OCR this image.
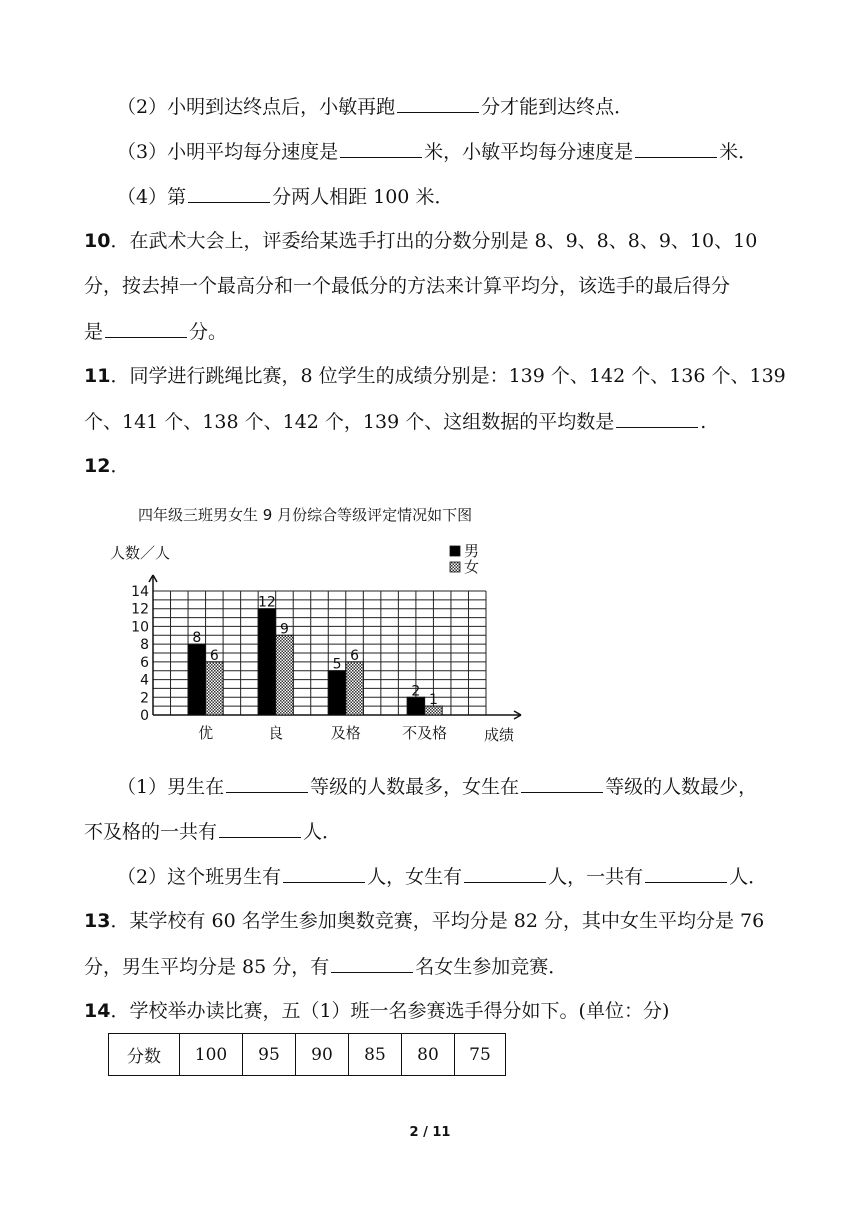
（2）小明到达终点后，小敏再跑	分才能到达终点．
（3）小明平均每分速度是	米，小敏平均每分速度是	米．
（4）第	分两人相距 100 米．
10．在武术大会上，评委给某选手打出的分数分别是 8、9、8、8、9、10、10
分，按去掉一个最高分和一个最低分的方法来计算平均分，该选手的最后得分
是	分。
11．同学进行跳绳比赛，8 位学生的成绩分别是：139 个、142 个、136 个、139
个、141 个、138 个、142 个，139 个、这组数据的平均数是	.
12．
四年级三班男女生 9 月份综合等级评定情况如下图
人数／人	男
女
8
6
12
9
5
6
2
1
0
2
4
6
8
10
12
14
优	良	及格	不及格 成绩
（1）男生在	等级的人数最多，女生在	等级的人数最少，
不及格的一共有	人．
（2）这个班男生有	人，女生有	人，一共有	人．
13．某学校有 60 名学生参加奥数竞赛，平均分是 82 分，其中女生平均分是 76
分，男生平均分是 85 分，有	名女生参加竞赛．
14．学校举办读比赛，五（1）班一名参赛选手得分如下。(单位：分)
分数	100	95	90	85	80	75
2 / 11
